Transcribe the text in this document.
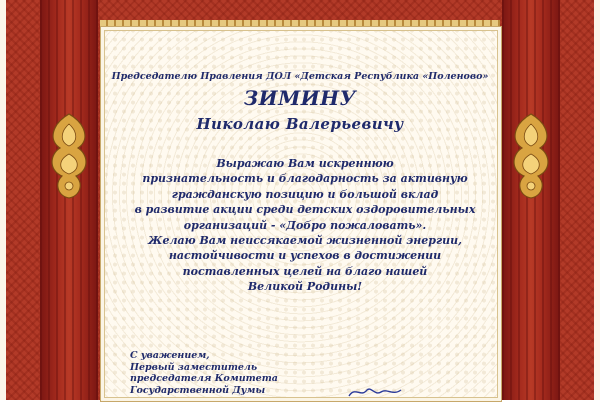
Председателю Правления ДОЛ «Детская Республика «Поленово»
ЗИМИНУ
Николаю Валерьевичу
Выражаю Вам искреннюю
признательность и благодарность за активную
гражданскую позицию и большой вклад
в развитие акции среди детских оздоровительных
организаций - «Добро пожаловать».
Желаю Вам неиссякаемой жизненной энергии,
настойчивости и успехов в достижении
поставленных целей на благо нашей
Великой Родины!
С уважением,
Первый заместитель
председателя Комитета
Государственной Думы
